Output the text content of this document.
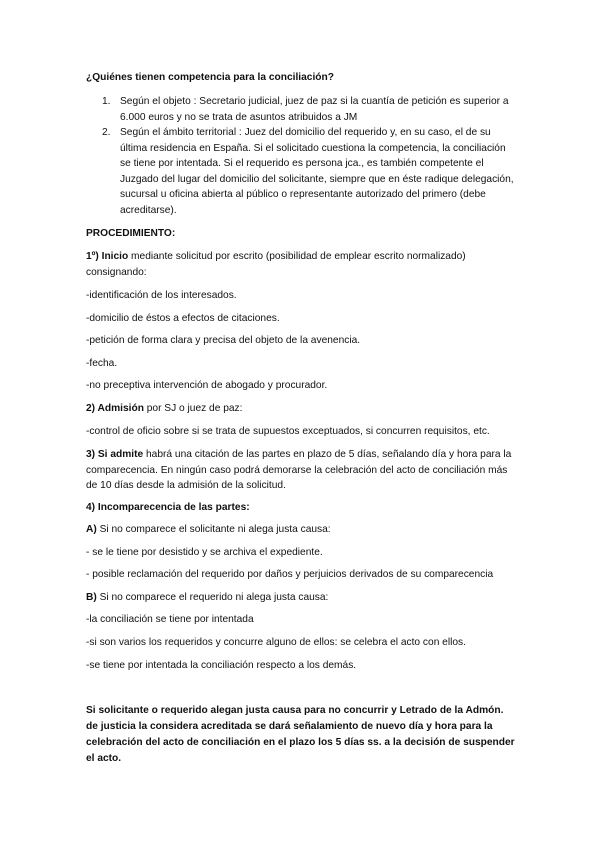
¿Quiénes tienen competencia para la conciliación?
1. Según el objeto : Secretario judicial, juez de paz si la cuantía de petición es superior a 6.000 euros y no se trata de asuntos atribuidos a JM
2. Según el ámbito territorial : Juez del domicilio del requerido y, en su caso, el de su última residencia en España. Si el solicitado cuestiona la competencia, la conciliación se tiene por intentada. Si el requerido es persona jca., es también competente el Juzgado del lugar del domicilio del solicitante, siempre que en éste radique delegación, sucursal u oficina abierta al público o representante autorizado del primero (debe acreditarse).
PROCEDIMIENTO:
1º) Inicio mediante solicitud por escrito (posibilidad de emplear escrito normalizado) consignando:
-identificación de los interesados.
-domicilio de éstos a efectos de citaciones.
-petición de forma clara y precisa del objeto de la avenencia.
-fecha.
-no preceptiva intervención de abogado y procurador.
2) Admisión por SJ o juez de paz:
-control de oficio sobre si se trata de supuestos exceptuados, si concurren requisitos, etc.
3) Si admite habrá una citación de las partes en plazo de 5 días, señalando día y hora para la comparecencia. En ningún caso podrá demorarse la celebración del acto de conciliación más de 10 días desde la admisión de la solicitud.
4) Incomparecencia de las partes:
A) Si no comparece el solicitante ni alega justa causa:
- se le tiene por desistido y se archiva el expediente.
- posible reclamación del requerido por daños y perjuicios derivados de su comparecencia
B) Si no comparece el requerido ni alega justa causa:
-la conciliación se tiene por intentada
-si son varios los requeridos y concurre alguno de ellos: se celebra el acto con ellos.
-se tiene por intentada la conciliación respecto a los demás.
Si solicitante o requerido alegan justa causa para no concurrir y Letrado de la Admón. de justicia la considera acreditada se dará señalamiento de nuevo día y hora para la celebración del acto de conciliación en el plazo los 5 días ss. a la decisión de suspender el acto.
